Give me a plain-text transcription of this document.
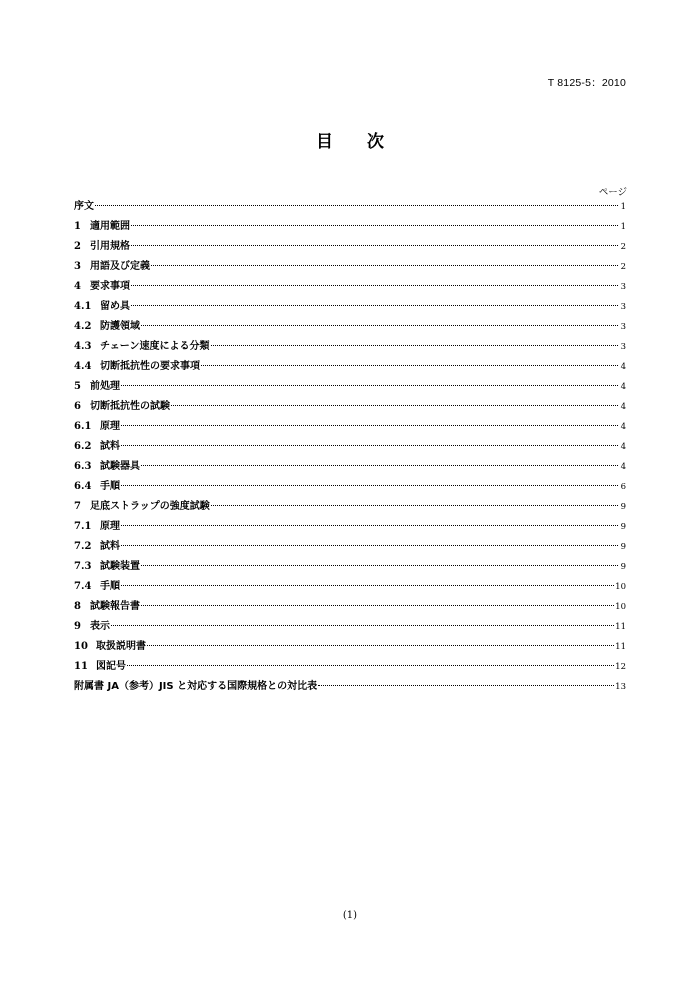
T 8125-5：2010
目 次
ページ
序文	1
1 適用範囲	1
2 引用規格	2
3 用語及び定義	2
4 要求事項	3
4.1 留め具	3
4.2 防護領域	3
4.3 チェーン速度による分類	3
4.4 切断抵抗性の要求事項	4
5 前処理	4
6 切断抵抗性の試験	4
6.1 原理	4
6.2 試料	4
6.3 試験器具	4
6.4 手順	6
7 足底ストラップの強度試験	9
7.1 原理	9
7.2 試料	9
7.3 試験装置	9
7.4 手順	10
8 試験報告書	10
9 表示	11
10 取扱説明書	11
11 図記号	12
附属書 JA（参考）JIS と対応する国際規格との対比表	13
(1)
